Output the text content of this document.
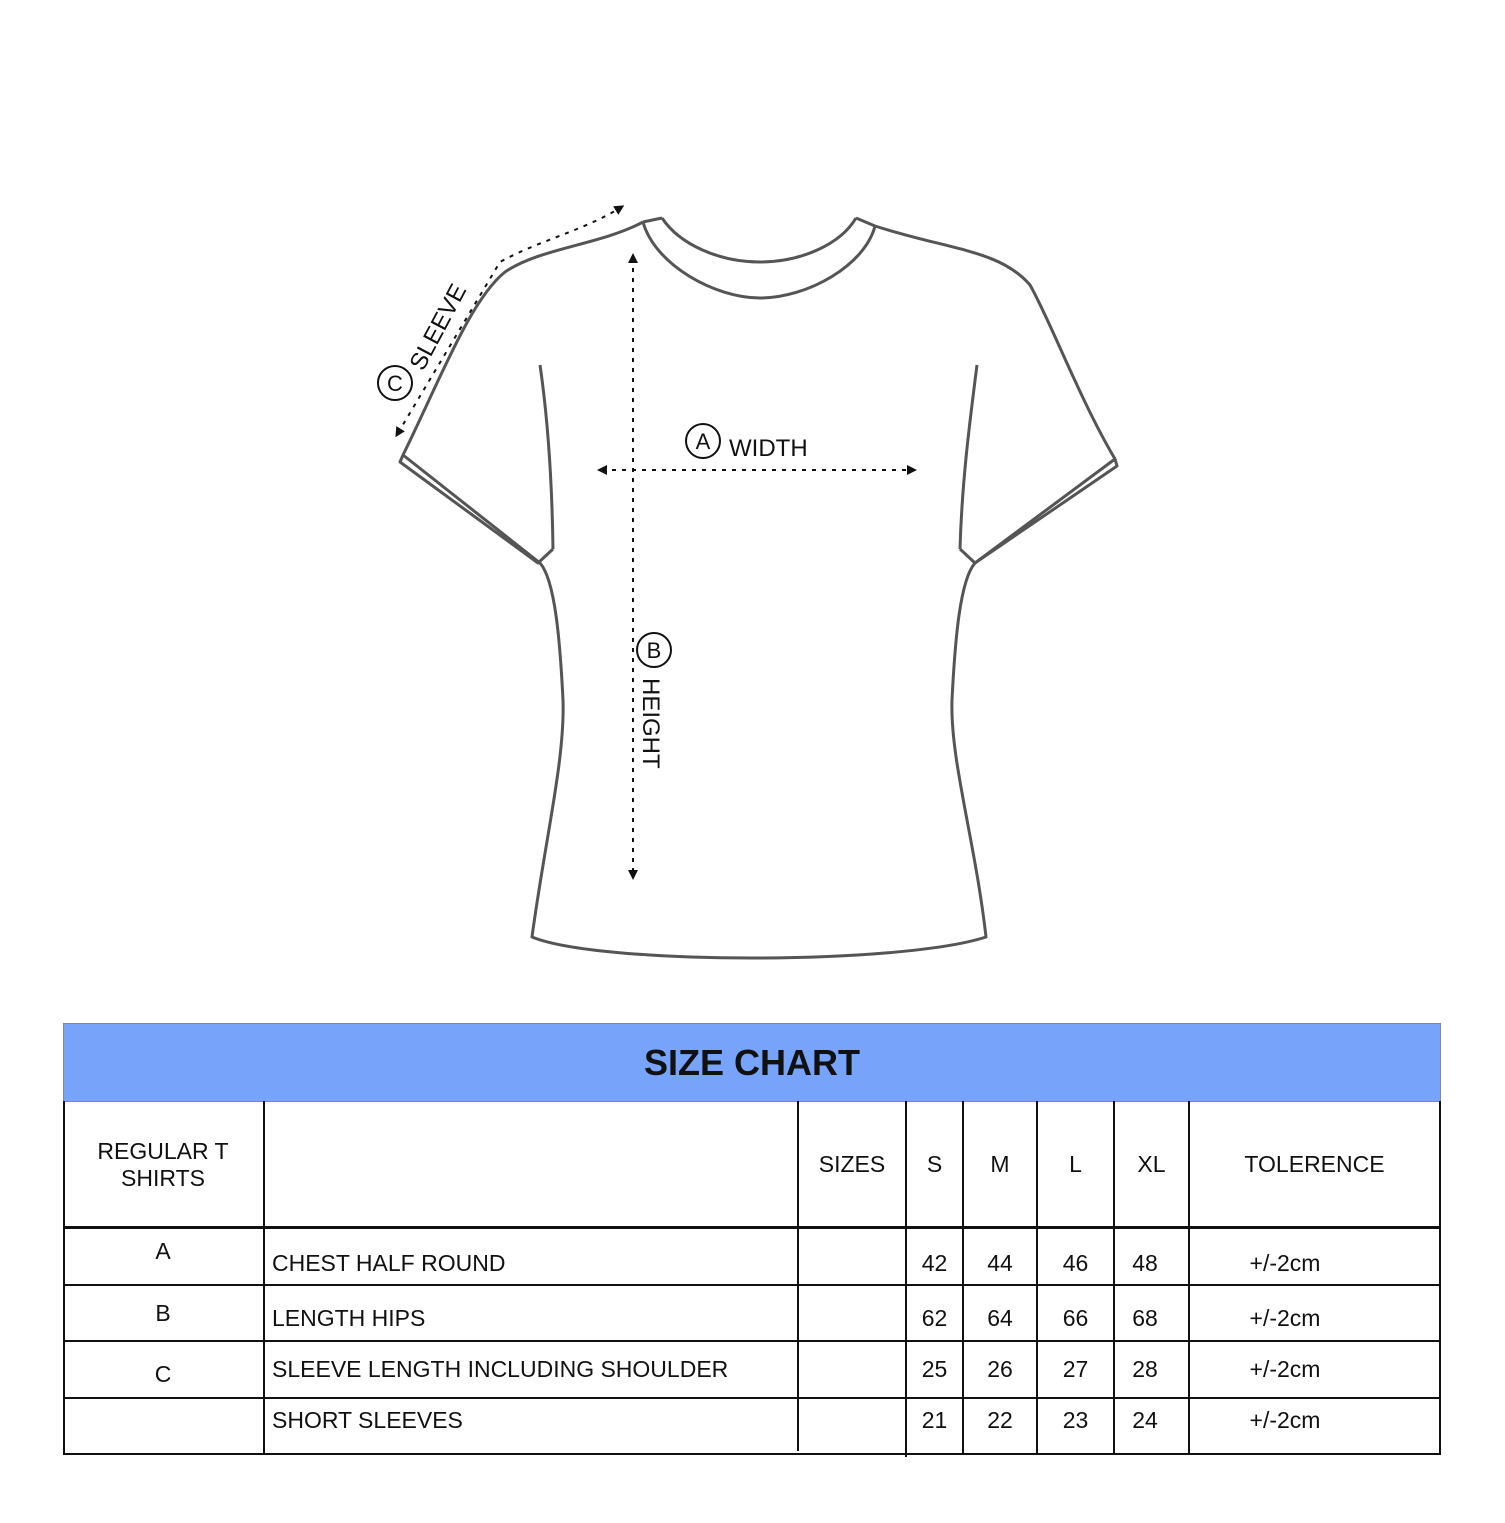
A WIDTH
B
HEIGHT
C
SLEEVE
SIZE CHART
REGULAR T SHIRTS
SIZES S M	L XL	TOLERENCE
A	CHEST HALF ROUND	42 44 46 48	+/-2cm
B	LENGTH HIPS	62 64 66 68	+/-2cm
C	SLEEVE LENGTH INCLUDING SHOULDER	25 26 27 28	+/-2cm
SHORT SLEEVES	21 22 23 24	+/-2cm
